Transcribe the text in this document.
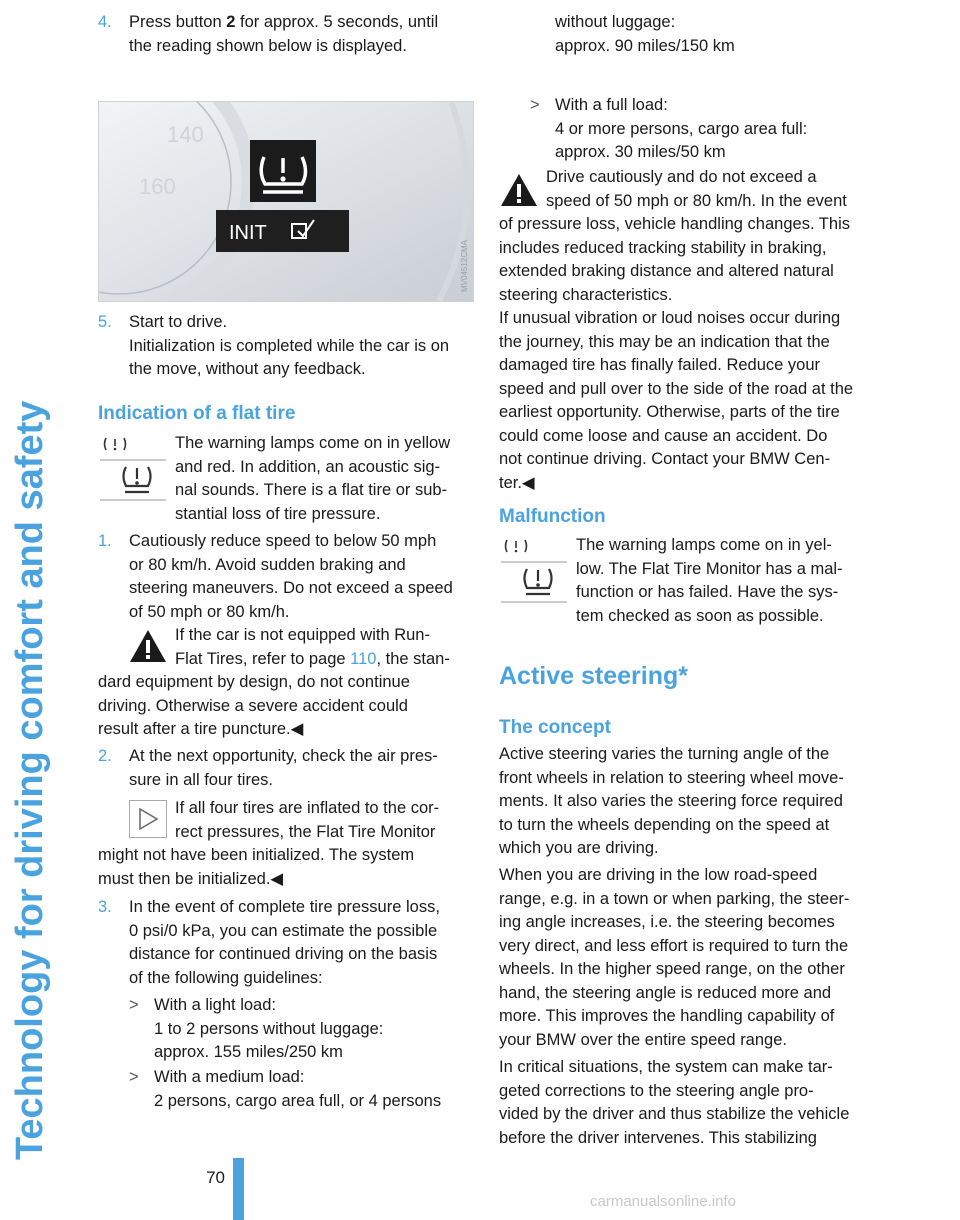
Technology for driving comfort and safety
70
carmanualsonline.info
4. Press button 2 for approx. 5 seconds, until
the reading shown below is displayed.
140
160
INIT
MV04512CMA
5. Start to drive.
Initialization is completed while the car is on
the move, without any feedback.
Indication of a flat tire
The warning lamps come on in yellow
and red. In addition, an acoustic sig-
nal sounds. There is a flat tire or sub-
stantial loss of tire pressure.
1. Cautiously reduce speed to below 50 mph
or 80 km/h. Avoid sudden braking and
steering maneuvers. Do not exceed a speed
of 50 mph or 80 km/h.
If the car is not equipped with Run-
Flat Tires, refer to page 110, the stan-
dard equipment by design, do not continue
driving. Otherwise a severe accident could
result after a tire puncture.◀
2. At the next opportunity, check the air pres-
sure in all four tires.
If all four tires are inflated to the cor-
rect pressures, the Flat Tire Monitor
might not have been initialized. The system
must then be initialized.◀
3. In the event of complete tire pressure loss,
0 psi/0 kPa, you can estimate the possible
distance for continued driving on the basis
of the following guidelines:
> With a light load:
1 to 2 persons without luggage:
approx. 155 miles/250 km
> With a medium load:
2 persons, cargo area full, or 4 persons
without luggage:
approx. 90 miles/150 km
> With a full load:
4 or more persons, cargo area full:
approx. 30 miles/50 km
Drive cautiously and do not exceed a
speed of 50 mph or 80 km/h. In the event
of pressure loss, vehicle handling changes. This
includes reduced tracking stability in braking,
extended braking distance and altered natural
steering characteristics.
If unusual vibration or loud noises occur during
the journey, this may be an indication that the
damaged tire has finally failed. Reduce your
speed and pull over to the side of the road at the
earliest opportunity. Otherwise, parts of the tire
could come loose and cause an accident. Do
not continue driving. Contact your BMW Cen-
ter.◀
Malfunction
The warning lamps come on in yel-
low. The Flat Tire Monitor has a mal-
function or has failed. Have the sys-
tem checked as soon as possible.
Active steering*
The concept
Active steering varies the turning angle of the
front wheels in relation to steering wheel move-
ments. It also varies the steering force required
to turn the wheels depending on the speed at
which you are driving.
When you are driving in the low road-speed
range, e.g. in a town or when parking, the steer-
ing angle increases, i.e. the steering becomes
very direct, and less effort is required to turn the
wheels. In the higher speed range, on the other
hand, the steering angle is reduced more and
more. This improves the handling capability of
your BMW over the entire speed range.
In critical situations, the system can make tar-
geted corrections to the steering angle pro-
vided by the driver and thus stabilize the vehicle
before the driver intervenes. This stabilizing
